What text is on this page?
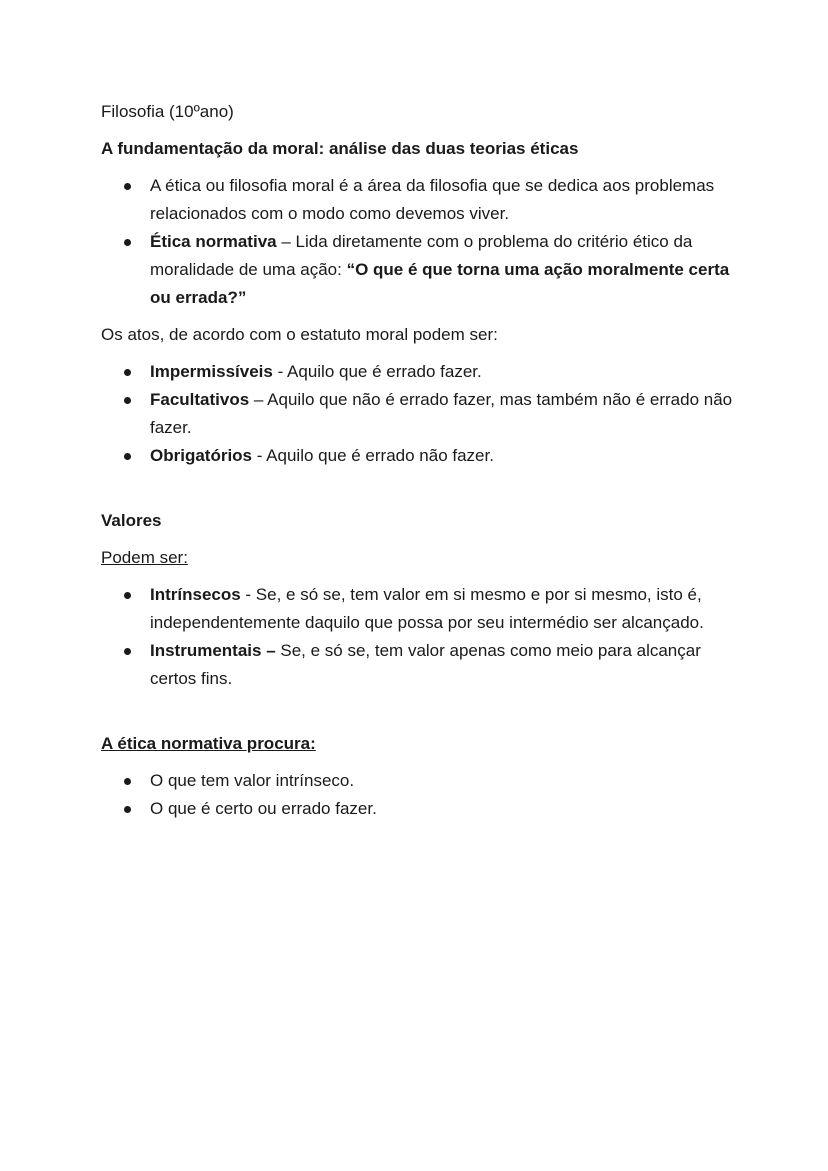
Filosofia (10ºano)

A fundamentação da moral: análise das duas teorias éticas

A ética ou filosofia moral é a área da filosofia que se dedica aos problemas relacionados com o modo como devemos viver.
Ética normativa – Lida diretamente com o problema do critério ético da moralidade de uma ação: “O que é que torna uma ação moralmente certa ou errada?”

Os atos, de acordo com o estatuto moral podem ser:

Impermissíveis - Aquilo que é errado fazer.
Facultativos – Aquilo que não é errado fazer, mas também não é errado não fazer.
Obrigatórios - Aquilo que é errado não fazer.

Valores

Podem ser:

Intrínsecos - Se, e só se, tem valor em si mesmo e por si mesmo, isto é, independentemente daquilo que possa por seu intermédio ser alcançado.
Instrumentais – Se, e só se, tem valor apenas como meio para alcançar certos fins.

A ética normativa procura:

O que tem valor intrínseco.
O que é certo ou errado fazer.
